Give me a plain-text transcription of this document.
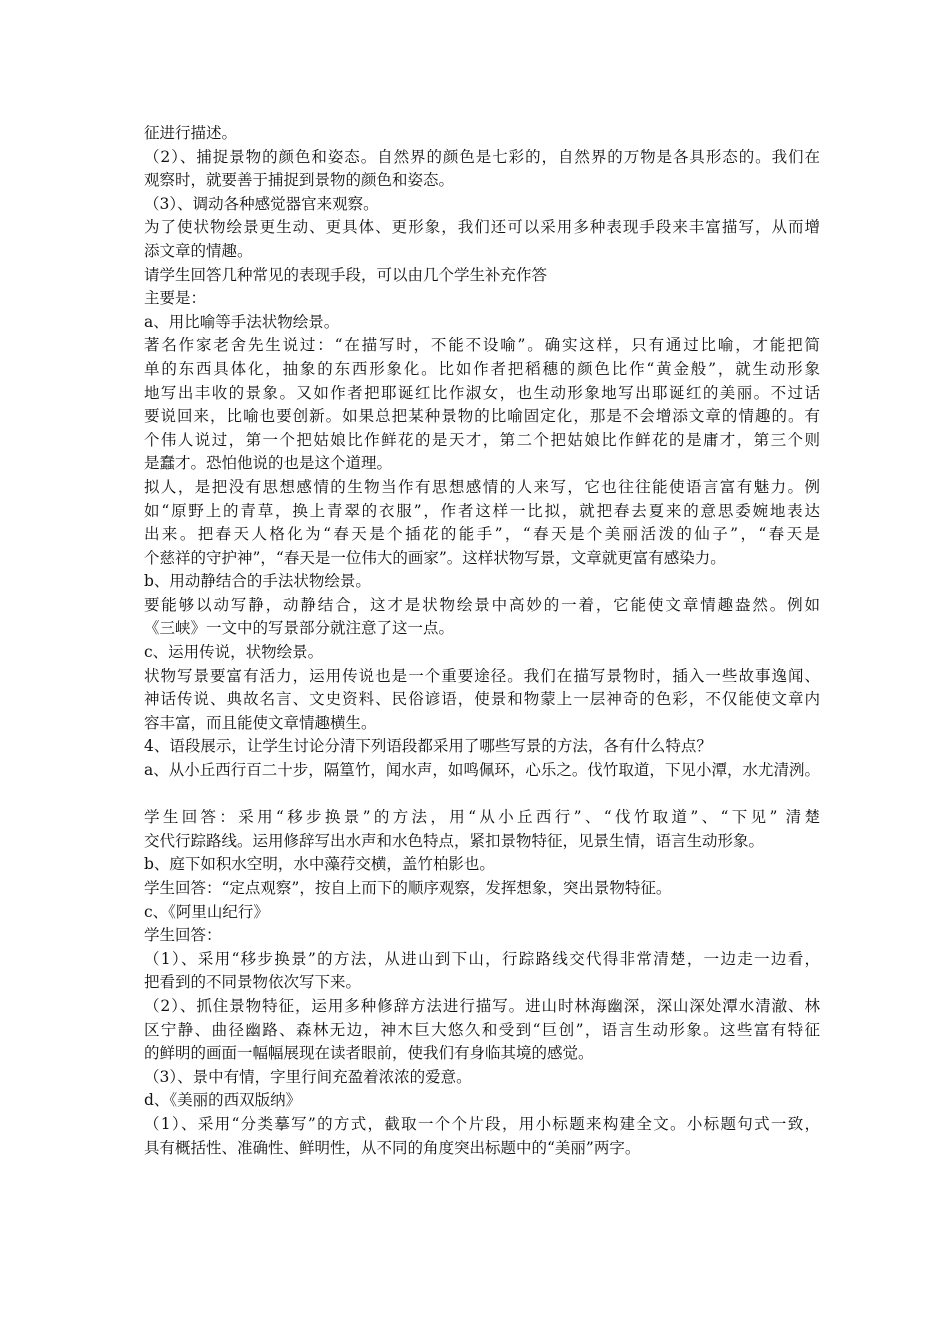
征进行描述。
（2）、捕捉景物的颜色和姿态。自然界的颜色是七彩的，自然界的万物是各具形态的。我们在
观察时，就要善于捕捉到景物的颜色和姿态。
（3）、调动各种感觉器官来观察。
为了使状物绘景更生动、更具体、更形象，我们还可以采用多种表现手段来丰富描写，从而增
添文章的情趣。
请学生回答几种常见的表现手段，可以由几个学生补充作答
主要是：
a、用比喻等手法状物绘景。
著名作家老舍先生说过：“在描写时，不能不设喻”。确实这样，只有通过比喻，才能把简
单的东西具体化，抽象的东西形象化。比如作者把稻穗的颜色比作“黄金般”，就生动形象
地写出丰收的景象。又如作者把耶诞红比作淑女，也生动形象地写出耶诞红的美丽。不过话
要说回来，比喻也要创新。如果总把某种景物的比喻固定化，那是不会增添文章的情趣的。有
个伟人说过，第一个把姑娘比作鲜花的是天才，第二个把姑娘比作鲜花的是庸才，第三个则
是蠢才。恐怕他说的也是这个道理。
拟人，是把没有思想感情的生物当作有思想感情的人来写，它也往往能使语言富有魅力。例
如“原野上的青草，换上青翠的衣服”，作者这样一比拟，就把春去夏来的意思委婉地表达
出来。把春天人格化为“春天是个插花的能手”，“春天是个美丽活泼的仙子”，“春天是
个慈祥的守护神”，“春天是一位伟大的画家”。这样状物写景，文章就更富有感染力。
b、用动静结合的手法状物绘景。
要能够以动写静，动静结合，这才是状物绘景中高妙的一着，它能使文章情趣盎然。例如
《三峡》一文中的写景部分就注意了这一点。
c、运用传说，状物绘景。
状物写景要富有活力，运用传说也是一个重要途径。我们在描写景物时，插入一些故事逸闻、
神话传说、典故名言、文史资料、民俗谚语，使景和物蒙上一层神奇的色彩，不仅能使文章内
容丰富，而且能使文章情趣横生。
4、语段展示，让学生讨论分清下列语段都采用了哪些写景的方法，各有什么特点？
a、从小丘西行百二十步，隔篁竹，闻水声，如鸣佩环，心乐之。伐竹取道，下见小潭，水尤清洌。

学生回答：采用“移步换景”的方法，用“从小丘西行”、“伐竹取道”、“下见” 清楚
交代行踪路线。运用修辞写出水声和水色特点，紧扣景物特征，见景生情，语言生动形象。
b、庭下如积水空明，水中藻荇交横，盖竹柏影也。
学生回答：“定点观察”，按自上而下的顺序观察，发挥想象，突出景物特征。
c、《阿里山纪行》
学生回答：
（1）、采用“移步换景”的方法，从进山到下山，行踪路线交代得非常清楚，一边走一边看，
把看到的不同景物依次写下来。
（2）、抓住景物特征，运用多种修辞方法进行描写。进山时林海幽深，深山深处潭水清澈、林
区宁静、曲径幽路、森林无边，神木巨大悠久和受到“巨创”，语言生动形象。这些富有特征
的鲜明的画面一幅幅展现在读者眼前，使我们有身临其境的感觉。
（3）、景中有情，字里行间充盈着浓浓的爱意。
d、《美丽的西双版纳》
（1）、采用“分类摹写”的方式，截取一个个片段，用小标题来构建全文。小标题句式一致，
具有概括性、准确性、鲜明性，从不同的角度突出标题中的“美丽”两字。
